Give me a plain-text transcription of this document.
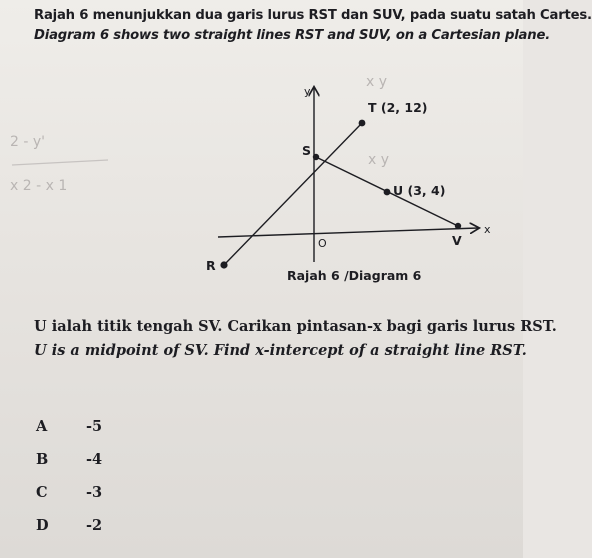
Rajah 6 menunjukkan dua garis lurus RST dan SUV, pada suatu satah Cartes.
Diagram 6 shows two straight lines RST and SUV, on a Cartesian plane.
2 - y'
x 2 - x 1
x y
x y
y
x
T (2, 12)
S
U (3, 4)
V
R
O
Rajah 6 /Diagram 6
U ialah titik tengah SV. Carikan pintasan-x bagi garis lurus RST.
U is a midpoint of SV. Find x-intercept of a straight line RST.
A	-5
B	-4
C	-3
D	-2
